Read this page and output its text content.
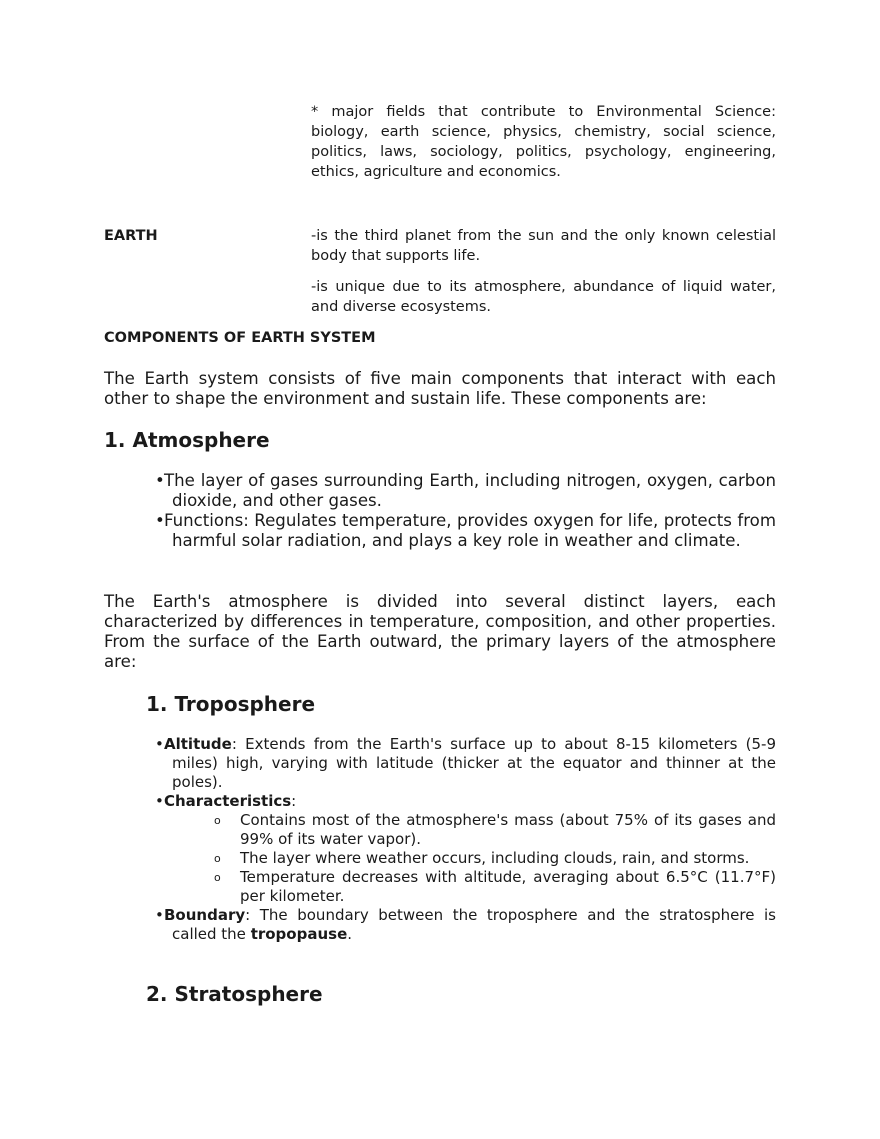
* major fields that contribute to Environmental Science: biology, earth science, physics, chemistry, social science, politics, laws, sociology, politics, psychology, engineering, ethics, agriculture and economics.

EARTH	-is the third planet from the sun and the only known celestial body that supports life.

-is unique due to its atmosphere, abundance of liquid water, and diverse ecosystems.

COMPONENTS OF EARTH SYSTEM

The Earth system consists of five main components that interact with each other to shape the environment and sustain life. These components are:

1. Atmosphere

•The layer of gases surrounding Earth, including nitrogen, oxygen, carbon dioxide, and other gases.
•Functions: Regulates temperature, provides oxygen for life, protects from harmful solar radiation, and plays a key role in weather and climate.

The Earth's atmosphere is divided into several distinct layers, each characterized by differences in temperature, composition, and other properties. From the surface of the Earth outward, the primary layers of the atmosphere are:

1. Troposphere

•Altitude: Extends from the Earth's surface up to about 8-15 kilometers (5-9 miles) high, varying with latitude (thicker at the equator and thinner at the poles).
•Characteristics:
o Contains most of the atmosphere's mass (about 75% of its gases and 99% of its water vapor).
o The layer where weather occurs, including clouds, rain, and storms.
o Temperature decreases with altitude, averaging about 6.5°C (11.7°F) per kilometer.
•Boundary: The boundary between the troposphere and the stratosphere is called the tropopause.

2. Stratosphere
